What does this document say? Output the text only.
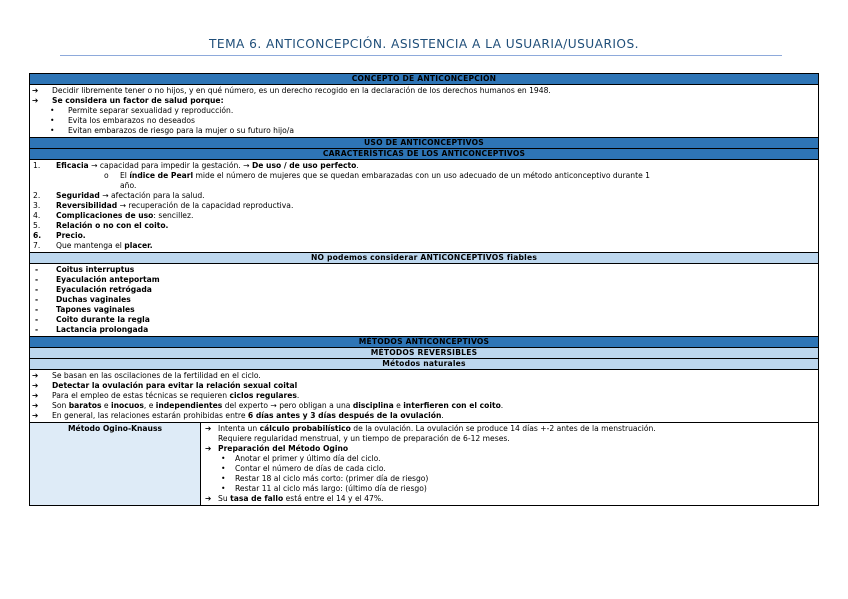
TEMA 6. ANTICONCEPCIÓN. ASISTENCIA A LA USUARIA/USUARIOS.
CONCEPTO DE ANTICONCEPCIÓN
➔	Decidir libremente tener o no hijos, y en qué número, es un derecho recogido en la declaración de los derechos humanos en 1948.
➔	Se considera un factor de salud porque:
•	Permite separar sexualidad y reproducción.
•	Evita los embarazos no deseados
•	Evitan embarazos de riesgo para la mujer o su futuro hijo/a
USO DE ANTICONCEPTIVOS
CARACTERÍSTICAS DE LOS ANTICONCEPTIVOS
1.	Eficacia → capacidad para impedir la gestación. → De uso / de uso perfecto.
o	El índice de Pearl mide el número de mujeres que se quedan embarazadas con un uso adecuado de un método anticonceptivo durante 1
año.
2.	Seguridad → afectación para la salud.
3.	Reversibilidad → recuperación de la capacidad reproductiva.
4.	Complicaciones de uso: sencillez.
5.	Relación o no con el coito.
6.	Precio.
7.	Que mantenga el placer.
NO podemos considerar ANTICONCEPTIVOS fiables
-	Coitus interruptus
-	Eyaculación anteportam
-	Eyaculación retrógada
-	Duchas vaginales
-	Tapones vaginales
-	Coito durante la regla
-	Lactancia prolongada
MÉTODOS ANTICONCEPTIVOS
MÉTODOS REVERSIBLES
Métodos naturales
➔	Se basan en las oscilaciones de la fertilidad en el ciclo.
➔	Detectar la ovulación para evitar la relación sexual coital
➔	Para el empleo de estas técnicas se requieren ciclos regulares.
➔	Son baratos e inocuos, e independientes del experto → pero obligan a una disciplina e interfieren con el coito.
➔	En general, las relaciones estarán prohibidas entre 6 días antes y 3 días después de la ovulación.
Método Ogino-Knauss	➔ Intenta un cálculo probabilístico de la ovulación. La ovulación se produce 14 días +-2 antes de la menstruación.
Requiere regularidad menstrual, y un tiempo de preparación de 6-12 meses.
➔ Preparación del Método Ogino
•	Anotar el primer y último día del ciclo.
•	Contar el número de días de cada ciclo.
•	Restar 18 al ciclo más corto: (primer día de riesgo)
•	Restar 11 al ciclo más largo: (último día de riesgo)
➔ Su tasa de fallo está entre el 14 y el 47%.
